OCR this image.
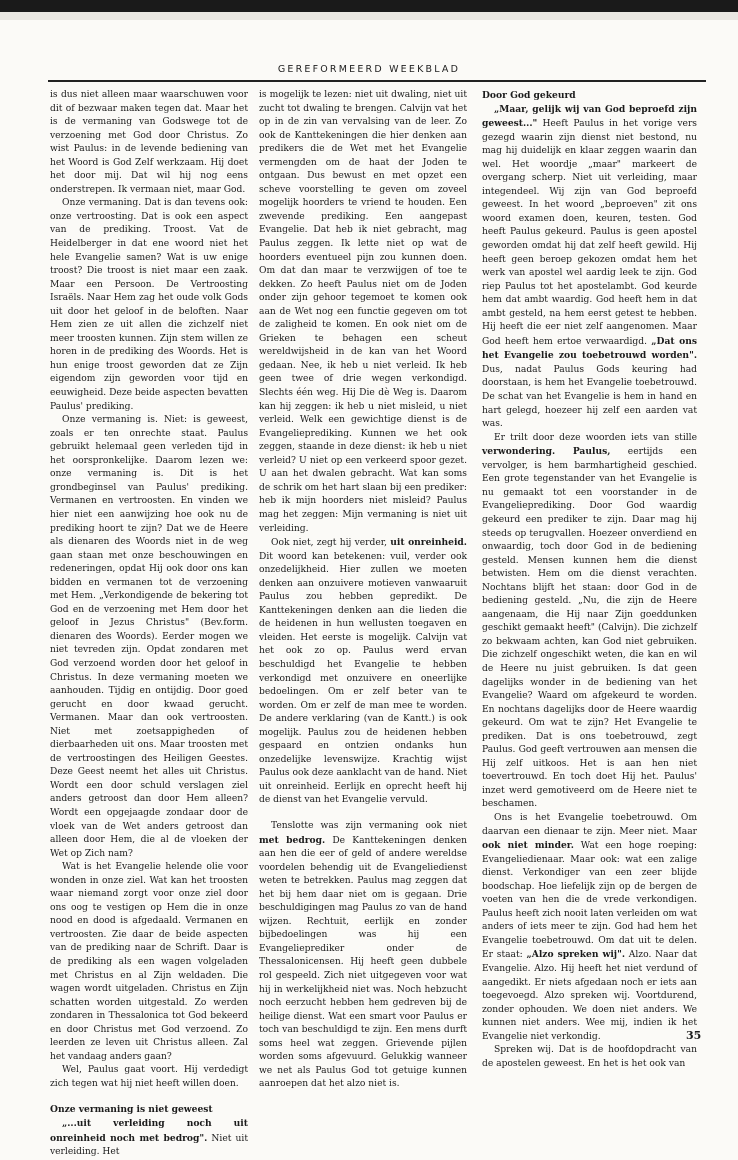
GEREFORMEERD WEEKBLAD

is dus niet alleen maar waarschuwen voor dit of bezwaar maken tegen dat. Maar het is de vermaning van Godswege tot de verzoening met God door Christus. Zo wist Paulus: in de levende bediening van het Woord is God Zelf werkzaam. Hij doet het door mij. Dat wil hij nog eens onderstrepen. Ik vermaan niet, maar God.

Onze vermaning. Dat is dan tevens ook: onze vertroosting. Dat is ook een aspect van de prediking. Troost. Vat de Heidelberger in dat ene woord niet het hele Evangelie samen? Wat is uw enige troost? Die troost is niet maar een zaak. Maar een Persoon. De Vertroosting Israëls. Naar Hem zag het oude volk Gods uit door het geloof in de beloften. Naar Hem zien ze uit allen die zichzelf niet meer troosten kunnen. Zijn stem willen ze horen in de prediking des Woords. Het is hun enige troost geworden dat ze Zijn eigendom zijn geworden voor tijd en eeuwigheid. Deze beide aspecten bevatten Paulus' prediking.

Onze vermaning is. Niet: is geweest, zoals er ten onrechte staat. Paulus gebruikt helemaal geen verleden tijd in het oorspronkelijke. Daarom lezen we: onze vermaning is. Dit is het grondbeginsel van Paulus' prediking. Vermanen en vertroosten. En vinden we hier niet een aanwijzing hoe ook nu de prediking hoort te zijn? Dat we de Heere als dienaren des Woords niet in de weg gaan staan met onze beschouwingen en redeneringen, opdat Hij ook door ons kan bidden en vermanen tot de verzoening met Hem. „Verkondigende de bekering tot God en de verzoening met Hem door het geloof in Jezus Christus" (Bev.form. dienaren des Woords). Eerder mogen we niet tevreden zijn. Opdat zondaren met God verzoend worden door het geloof in Christus. In deze vermaning moeten we aanhouden. Tijdig en ontijdig. Door goed gerucht en door kwaad gerucht. Vermanen. Maar dan ook vertroosten. Niet met zoetsappigheden of dierbaarheden uit ons. Maar troosten met de vertroostingen des Heiligen Geestes. Deze Geest neemt het alles uit Christus. Wordt een door schuld verslagen ziel anders getroost dan door Hem alleen? Wordt een opgejaagde zondaar door de vloek van de Wet anders getroost dan alleen door Hem, die al de vloeken der Wet op Zich nam?

Wat is het Evangelie helende olie voor wonden in onze ziel. Wat kan het troosten waar niemand zorgt voor onze ziel door ons oog te vestigen op Hem die in onze nood en dood is afgedaald. Vermanen en vertroosten. Zie daar de beide aspecten van de prediking naar de Schrift. Daar is de prediking als een wagen volgeladen met Christus en al Zijn weldaden. Die wagen wordt uitgeladen. Christus en Zijn schatten worden uitgestald. Zo werden zondaren in Thessalonica tot God bekeerd en door Christus met God verzoend. Zo leerden ze leven uit Christus alleen. Zal het vandaag anders gaan?

Wel, Paulus gaat voort. Hij verdedigt zich tegen wat hij niet heeft willen doen.

Onze vermaning is niet geweest

„...uit verleiding noch uit onreinheid noch met bedrog". Niet uit verleiding. Het

is mogelijk te lezen: niet uit dwaling, niet uit zucht tot dwaling te brengen. Calvijn vat het op in de zin van vervalsing van de leer. Zo ook de Kanttekeningen die hier denken aan predikers die de Wet met het Evangelie vermengden om de haat der Joden te ontgaan. Dus bewust en met opzet een scheve voorstelling te geven om zoveel mogelijk hoorders te vriend te houden. Een zwevende prediking. Een aangepast Evangelie. Dat heb ik niet gebracht, mag Paulus zeggen. Ik lette niet op wat de hoorders eventueel pijn zou kunnen doen. Om dat dan maar te verzwijgen of toe te dekken. Zo heeft Paulus niet om de Joden onder zijn gehoor tegemoet te komen ook aan de Wet nog een functie gegeven om tot de zaligheid te komen. En ook niet om de Grieken te behagen een scheut wereldwijsheid in de kan van het Woord gedaan. Nee, ik heb u niet verleid. Ik heb geen twee of drie wegen verkondigd. Slechts één weg. Hij Die dè Weg is. Daarom kan hij zeggen: ik heb u niet misleid, u niet verleid. Welk een gewichtige dienst is de Evangelieprediking. Kunnen we het ook zeggen, staande in deze dienst: ik heb u niet verleid? U niet op een verkeerd spoor gezet. U aan het dwalen gebracht. Wat kan soms de schrik om het hart slaan bij een prediker: heb ik mijn hoorders niet misleid? Paulus mag het zeggen: Mijn vermaning is niet uit verleiding.

Ook niet, zegt hij verder, uit onreinheid. Dit woord kan betekenen: vuil, verder ook onzedelijkheid. Hier zullen we moeten denken aan onzuivere motieven vanwaaruit Paulus zou hebben gepredikt. De Kanttekeningen denken aan die lieden die de heidenen in hun wellusten toegaven en vleiden. Het eerste is mogelijk. Calvijn vat het ook zo op. Paulus werd ervan beschuldigd het Evangelie te hebben verkondigd met onzuivere en oneerlijke bedoelingen. Om er zelf beter van te worden. Om er zelf de man mee te worden. De andere verklaring (van de Kantt.) is ook mogelijk. Paulus zou de heidenen hebben gespaard en ontzien ondanks hun onzedelijke levenswijze. Krachtig wijst Paulus ook deze aanklacht van de hand. Niet uit onreinheid. Eerlijk en oprecht heeft hij de dienst van het Evangelie vervuld.

Tenslotte was zijn vermaning ook niet met bedrog. De Kanttekeningen denken aan hen die eer of geld of andere wereldse voordelen behendig uit de Evangeliedienst weten te betrekken. Paulus mag zeggen dat het bij hem daar niet om is gegaan. Drie beschuldigingen mag Paulus zo van de hand wijzen. Rechtuit, eerlijk en zonder bijbedoelingen was hij een Evangelieprediker onder de Thessalonicensen. Hij heeft geen dubbele rol gespeeld. Zich niet uitgegeven voor wat hij in werkelijkheid niet was. Noch hebzucht noch eerzucht hebben hem gedreven bij de heilige dienst. Wat een smart voor Paulus er toch van beschuldigd te zijn. Een mens durft soms heel wat zeggen. Grievende pijlen worden soms afgevuurd. Gelukkig wanneer we net als Paulus God tot getuige kunnen aanroepen dat het alzo niet is.

Door God gekeurd

„Maar, gelijk wij van God beproefd zijn geweest..." Heeft Paulus in het vorige vers gezegd waarin zijn dienst niet bestond, nu mag hij duidelijk en klaar zeggen waarin dan wel. Het woordje „maar" markeert de overgang scherp. Niet uit verleiding, maar integendeel. Wij zijn van God beproefd geweest. In het woord „beproeven" zit ons woord examen doen, keuren, testen. God heeft Paulus gekeurd. Paulus is geen apostel geworden omdat hij dat zelf heeft gewild. Hij heeft geen beroep gekozen omdat hem het werk van apostel wel aardig leek te zijn. God riep Paulus tot het apostelambt. God keurde hem dat ambt waardig. God heeft hem in dat ambt gesteld, na hem eerst getest te hebben. Hij heeft die eer niet zelf aangenomen. Maar God heeft hem ertoe verwaardigd. „Dat ons het Evangelie zou toebetrouwd worden". Dus, nadat Paulus Gods keuring had doorstaan, is hem het Evangelie toebetrouwd. De schat van het Evangelie is hem in hand en hart gelegd, hoezeer hij zelf een aarden vat was.

Er trilt door deze woorden iets van stille verwondering. Paulus, eertijds een vervolger, is hem barmhartigheid geschied. Een grote tegenstander van het Evangelie is nu gemaakt tot een voorstander in de Evangelieprediking. Door God waardig gekeurd een prediker te zijn. Daar mag hij steeds op terugvallen. Hoezeer onverdiend en onwaardig, toch door God in de bediening gesteld. Mensen kunnen hem die dienst betwisten. Hem om die dienst verachten. Nochtans blijft het staan: door God in de bediening gesteld. „Nu, die zijn de Heere aangenaam, die Hij naar Zijn goeddunken geschikt gemaakt heeft" (Calvijn). Die zichzelf zo bekwaam achten, kan God niet gebruiken. Die zichzelf ongeschikt weten, die kan en wil de Heere nu juist gebruiken. Is dat geen dagelijks wonder in de bediening van het Evangelie? Waard om afgekeurd te worden. En nochtans dagelijks door de Heere waardig gekeurd. Om wat te zijn? Het Evangelie te prediken. Dat is ons toebetrouwd, zegt Paulus. God geeft vertrouwen aan mensen die Hij zelf uitkoos. Het is aan hen niet toevertrouwd. En toch doet Hij het. Paulus' inzet werd gemotiveerd om de Heere niet te beschamen.

Ons is het Evangelie toebetrouwd. Om daarvan een dienaar te zijn. Meer niet. Maar ook niet minder. Wat een hoge roeping: Evangeliedienaar. Maar ook: wat een zalige dienst. Verkondiger van een zeer blijde boodschap. Hoe liefelijk zijn op de bergen de voeten van hen die de vrede verkondigen. Paulus heeft zich nooit laten verleiden om wat anders of iets meer te zijn. God had hem het Evangelie toebetrouwd. Om dat uit te delen. Er staat: „Alzo spreken wij". Alzo. Naar dat Evangelie. Alzo. Hij heeft het niet verdund of aangedikt. Er niets afgedaan noch er iets aan toegevoegd. Alzo spreken wij. Voortdurend, zonder ophouden. We doen niet anders. We kunnen niet anders. Wee mij, indien ik het Evangelie niet verkondig.

Spreken wij. Dat is de hoofdopdracht van de apostelen geweest. En het is het ook van

35
